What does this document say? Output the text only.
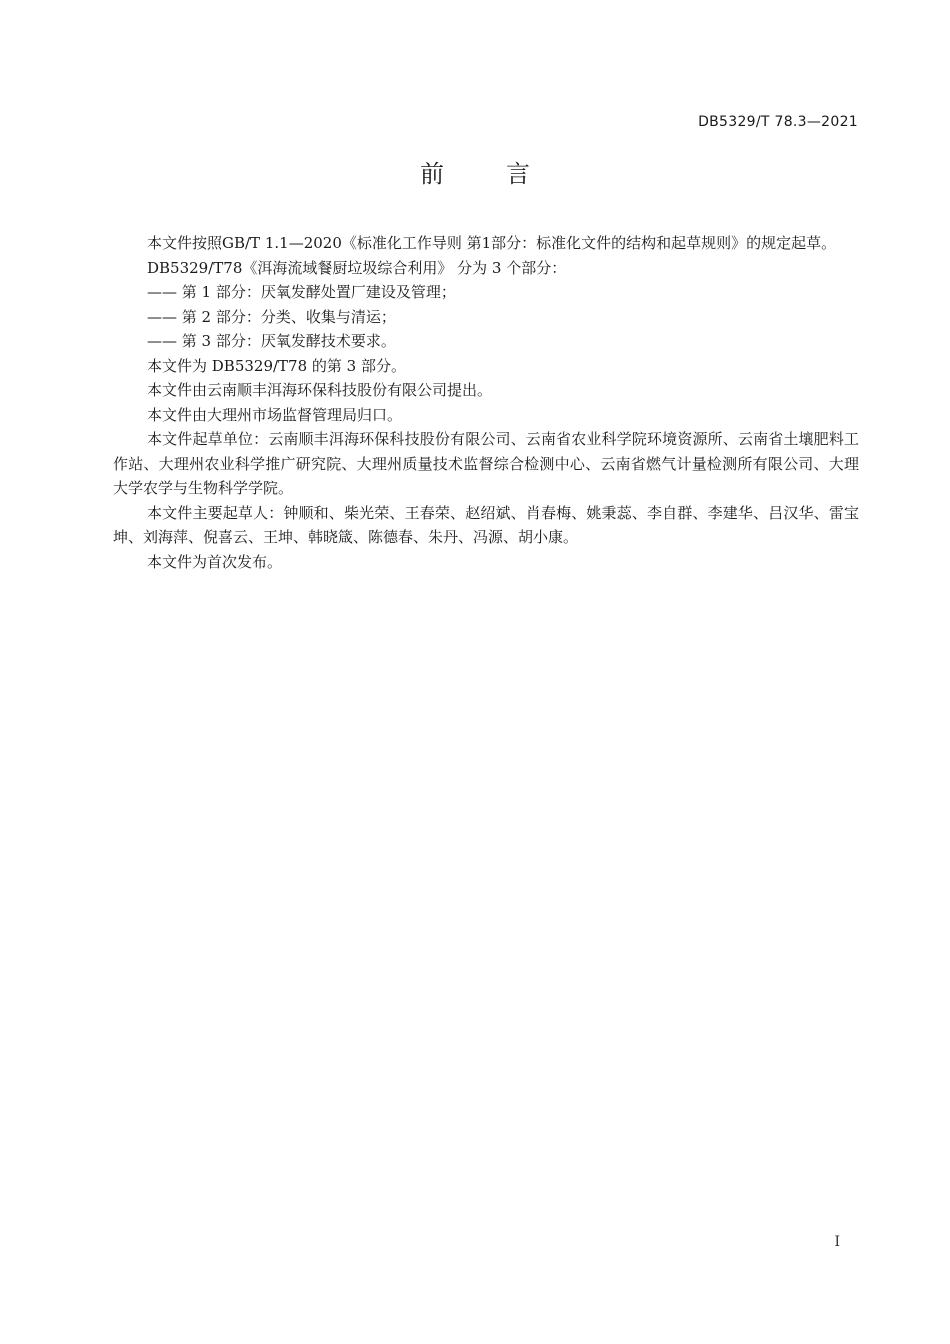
DB5329/T 78.3—2021
前言

本文件按照GB/T 1.1—2020《标准化工作导则 第1部分：标准化文件的结构和起草规则》的规定起草。

DB5329/T78《洱海流域餐厨垃圾综合利用》 分为 3 个部分：

—— 第 1 部分：厌氧发酵处置厂建设及管理；

—— 第 2 部分：分类、收集与清运；

—— 第 3 部分：厌氧发酵技术要求。

本文件为 DB5329/T78 的第 3 部分。

本文件由云南顺丰洱海环保科技股份有限公司提出。

本文件由大理州市场监督管理局归口。

本文件起草单位：云南顺丰洱海环保科技股份有限公司、云南省农业科学院环境资源所、云南省土壤肥料工作站、大理州农业科学推广研究院、大理州质量技术监督综合检测中心、云南省燃气计量检测所有限公司、大理大学农学与生物科学学院。

本文件主要起草人：钟顺和、柴光荣、王春荣、赵绍斌、肖春梅、姚秉蕊、李自群、李建华、吕汉华、雷宝坤、刘海萍、倪喜云、王坤、韩晓箴、陈德春、朱丹、冯源、胡小康。

本文件为首次发布。

I
